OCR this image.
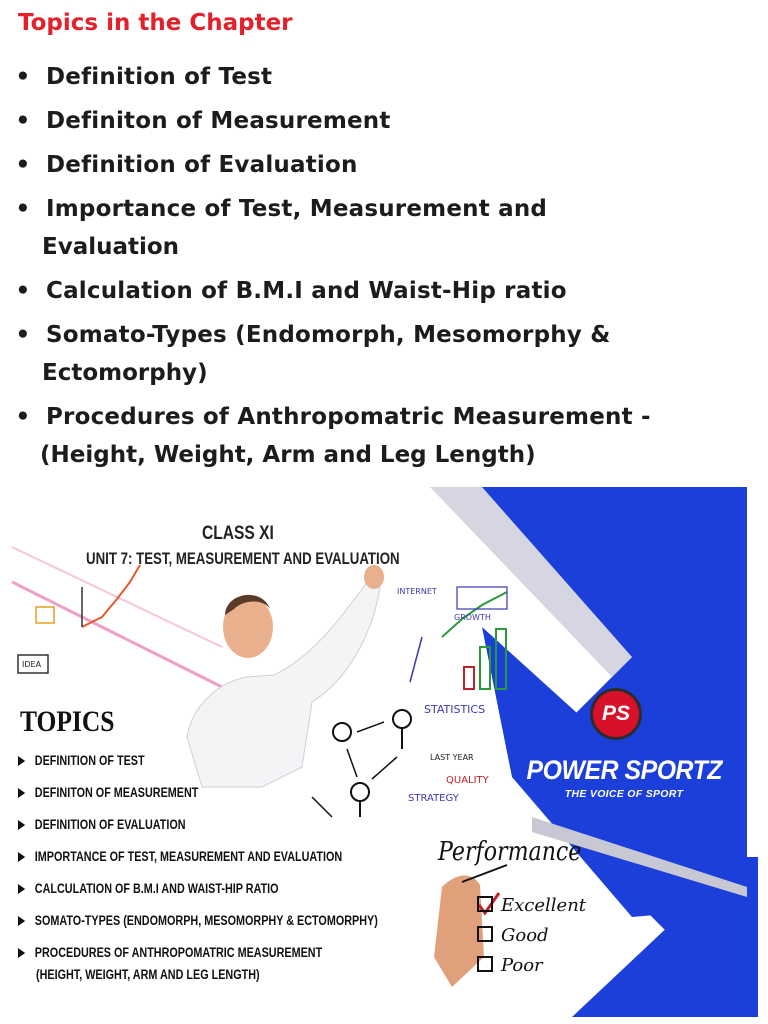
Topics in the Chapter
• Definition of Test
• Definiton of Measurement
• Definition of Evaluation
• Importance of Test, Measurement and
Evaluation
• Calculation of B.M.I and Waist-Hip ratio
• Somato-Types (Endomorph, Mesomorphy &
Ectomorphy)
• Procedures of Anthropomatric Measurement -
(Height, Weight, Arm and Leg Length)
INTERNET
GROWTH
STATISTICS
LAST YEAR
QUALITY
STRATEGY
IDEA
CLASS XI
UNIT 7: TEST, MEASUREMENT AND EVALUATION
TOPICS
DEFINITION OF TEST
DEFINITON OF MEASUREMENT
DEFINITION OF EVALUATION
IMPORTANCE OF TEST, MEASUREMENT AND EVALUATION
CALCULATION OF B.M.I AND WAIST-HIP RATIO
SOMATO-TYPES (ENDOMORPH, MESOMORPHY & ECTOMORPHY)
PROCEDURES OF ANTHROPOMATRIC MEASUREMENT
(HEIGHT, WEIGHT, ARM AND LEG LENGTH)
PS
POWER SPORTZ
THE VOICE OF SPORT
Performance
Excellent
Good
Poor
